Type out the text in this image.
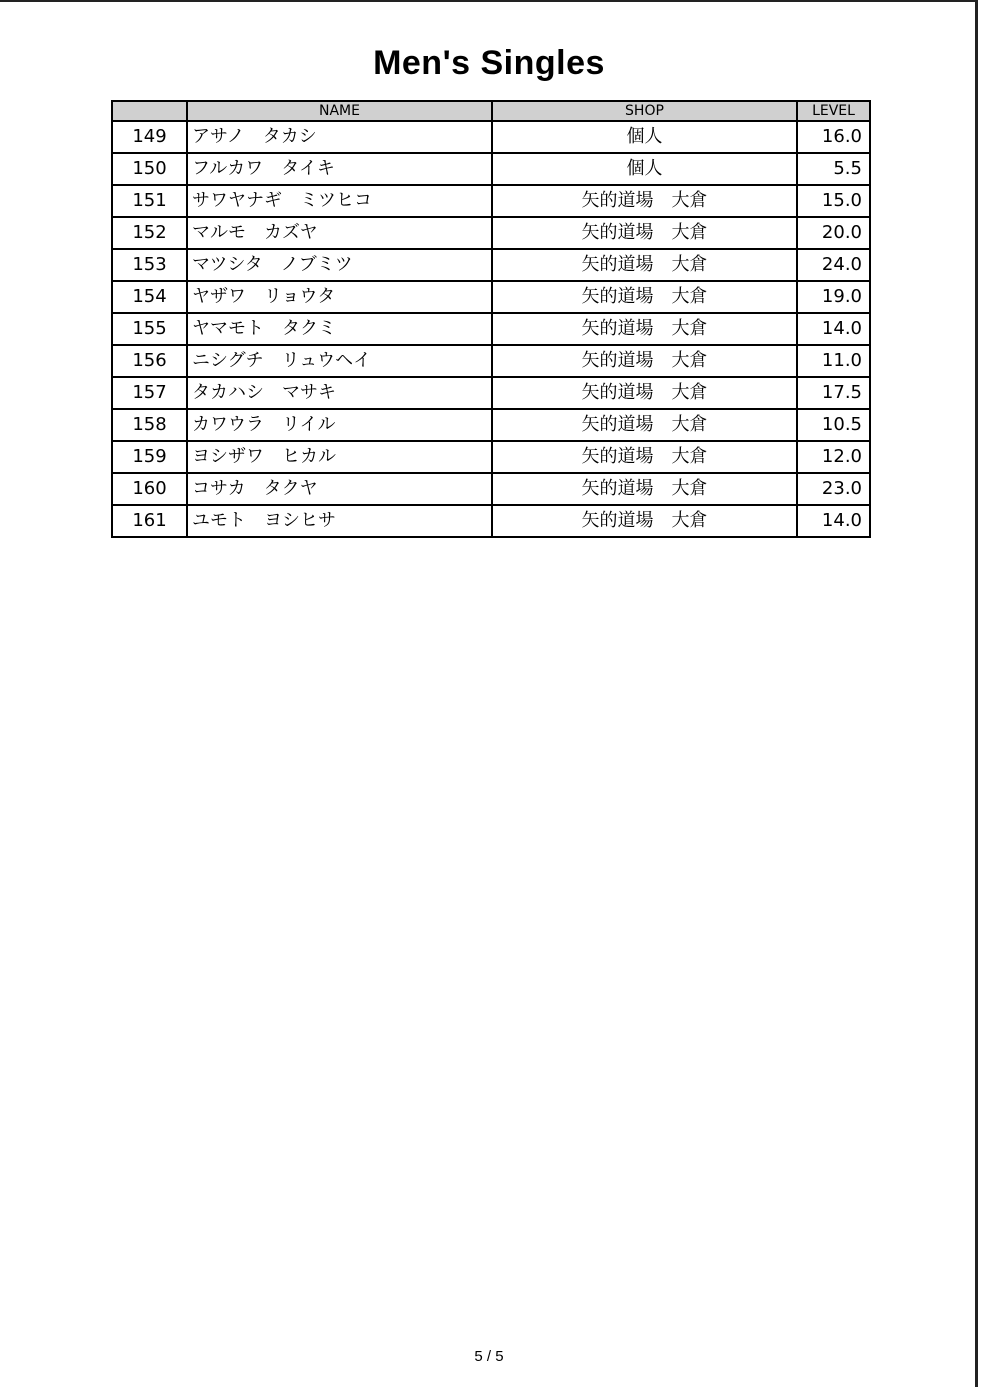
Men's Singles
	NAME	SHOP	LEVEL
149	アサノ　タカシ	個人	16.0
150	フルカワ　タイキ	個人	5.5
151	サワヤナギ　ミツヒコ	矢的道場　大倉	15.0
152	マルモ　カズヤ	矢的道場　大倉	20.0
153	マツシタ　ノブミツ	矢的道場　大倉	24.0
154	ヤザワ　リョウタ	矢的道場　大倉	19.0
155	ヤマモト　タクミ	矢的道場　大倉	14.0
156	ニシグチ　リュウヘイ	矢的道場　大倉	11.0
157	タカハシ　マサキ	矢的道場　大倉	17.5
158	カワウラ　リイル	矢的道場　大倉	10.5
159	ヨシザワ　ヒカル	矢的道場　大倉	12.0
160	コサカ　タクヤ	矢的道場　大倉	23.0
161	ユモト　ヨシヒサ	矢的道場　大倉	14.0
5 / 5
